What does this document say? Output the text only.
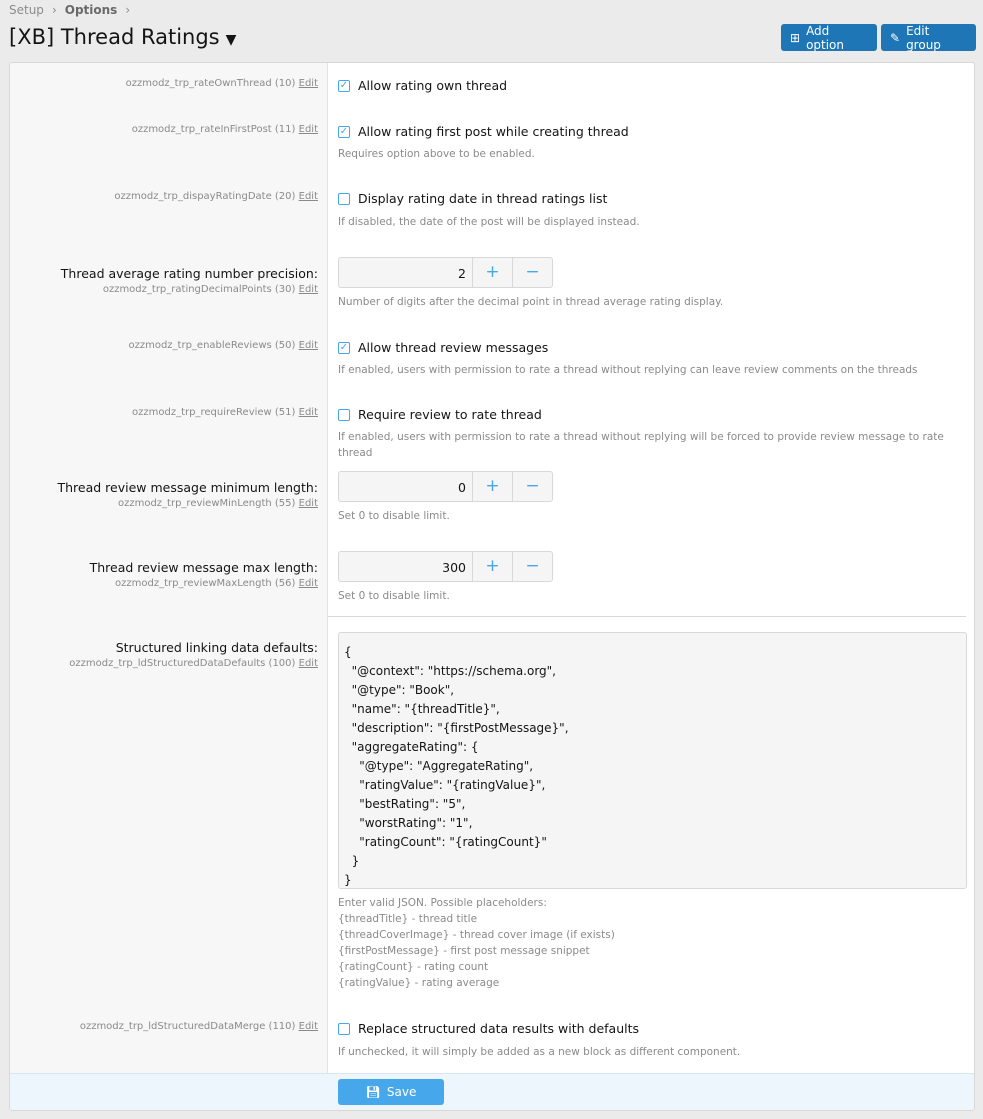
Setup › Options ›
[XB] Thread Ratings ▼	⊞ Add option	✎ Edit group
ozzmodz_trp_rateOwnThread (10) Edit ✓ Allow rating own thread
ozzmodz_trp_rateInFirstPost (11) Edit ✓ Allow rating first post while creating thread
Requires option above to be enabled.
ozzmodz_trp_dispayRatingDate (20) Edit	Display rating date in thread ratings list
If disabled, the date of the post will be displayed instead.
Thread average rating number precision:
ozzmodz_trp_ratingDecimalPoints (30) Edit
2	+	−
Number of digits after the decimal point in thread average rating display.
ozzmodz_trp_enableReviews (50) Edit ✓ Allow thread review messages
If enabled, users with permission to rate a thread without replying can leave review comments on the threads
ozzmodz_trp_requireReview (51) Edit	Require review to rate thread
If enabled, users with permission to rate a thread without replying will be forced to provide review message to rate thread
Thread review message minimum length:
ozzmodz_trp_reviewMinLength (55) Edit
0	+	−
Set 0 to disable limit.
Thread review message max length:
ozzmodz_trp_reviewMaxLength (56) Edit
300	+	−
Set 0 to disable limit.
Structured linking data defaults:
ozzmodz_trp_ldStructuredDataDefaults (100) Edit
{
"@context": "https://schema.org",
"@type": "Book",
"name": "{threadTitle}",
"description": "{firstPostMessage}",
"aggregateRating": {
"@type": "AggregateRating",
"ratingValue": "{ratingValue}",
"bestRating": "5",
"worstRating": "1",
"ratingCount": "{ratingCount}"
}
}
Enter valid JSON. Possible placeholders:
{threadTitle} - thread title
{threadCoverImage} - thread cover image (if exists)
{firstPostMessage} - first post message snippet
{ratingCount} - rating count
{ratingValue} - rating average
ozzmodz_trp_ldStructuredDataMerge (110) Edit	Replace structured data results with defaults
If unchecked, it will simply be added as a new block as different component.
💾︎ Save
